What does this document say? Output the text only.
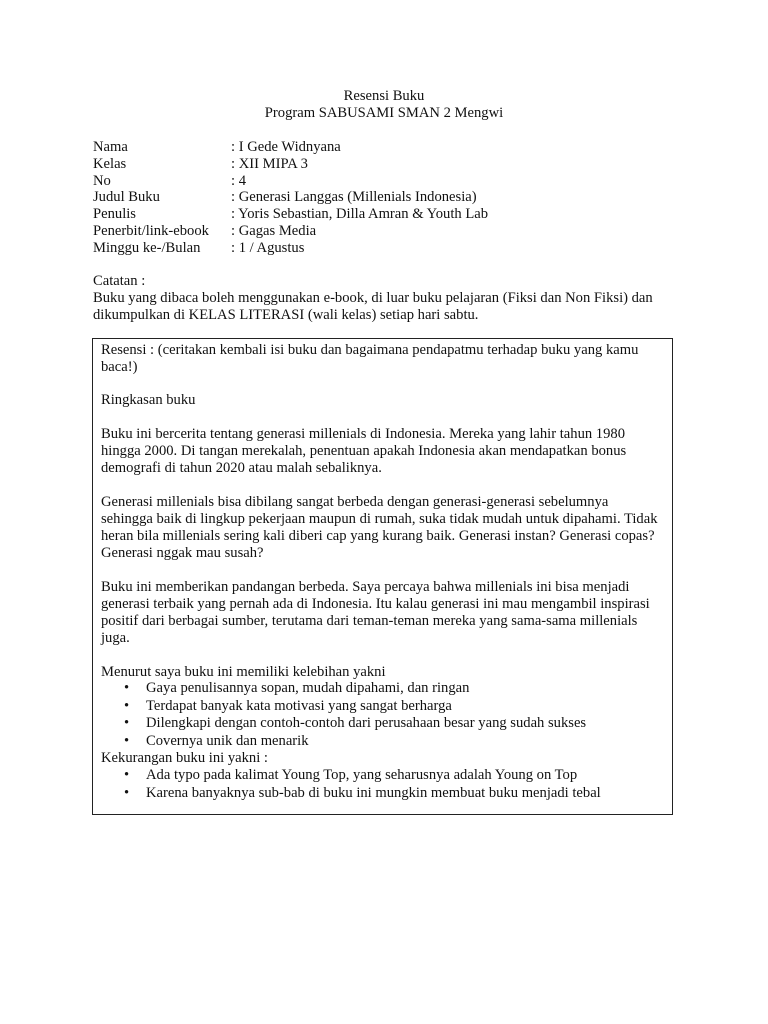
Resensi Buku
Program SABUSAMI SMAN 2 Mengwi
Nama	: I Gede Widnyana
Kelas	: XII MIPA 3
No	: 4
Judul Buku	: Generasi Langgas (Millenials Indonesia)
Penulis	: Yoris Sebastian, Dilla Amran & Youth Lab
Penerbit/link-ebook	: Gagas Media
Minggu ke-/Bulan	: 1 / Agustus

Catatan :

Buku yang dibaca boleh menggunakan e-book, di luar buku pelajaran (Fiksi dan Non Fiksi) dan dikumpulkan di KELAS LITERASI (wali kelas) setiap hari sabtu.

Resensi : (ceritakan kembali isi buku dan bagaimana pendapatmu terhadap buku yang kamu baca!)

Ringkasan buku

Buku ini bercerita tentang generasi millenials di Indonesia. Mereka yang lahir tahun 1980 hingga 2000. Di tangan merekalah, penentuan apakah Indonesia akan mendapatkan bonus demografi di tahun 2020 atau malah sebaliknya.

Generasi millenials bisa dibilang sangat berbeda dengan generasi-generasi sebelumnya sehingga baik di lingkup pekerjaan maupun di rumah, suka tidak mudah untuk dipahami. Tidak heran bila millenials sering kali diberi cap yang kurang baik. Generasi instan? Generasi copas? Generasi nggak mau susah?

Buku ini memberikan pandangan berbeda. Saya percaya bahwa millenials ini bisa menjadi generasi terbaik yang pernah ada di Indonesia. Itu kalau generasi ini mau mengambil inspirasi positif dari berbagai sumber, terutama dari teman-teman mereka yang sama-sama millenials juga.

Menurut saya buku ini memiliki kelebihan yakni

• Gaya penulisannya sopan, mudah dipahami, dan ringan
• Terdapat banyak kata motivasi yang sangat berharga
• Dilengkapi dengan contoh-contoh dari perusahaan besar yang sudah sukses
• Covernya unik dan menarik

Kekurangan buku ini yakni :

• Ada typo pada kalimat Young Top, yang seharusnya adalah Young on Top
• Karena banyaknya sub-bab di buku ini mungkin membuat buku menjadi tebal
